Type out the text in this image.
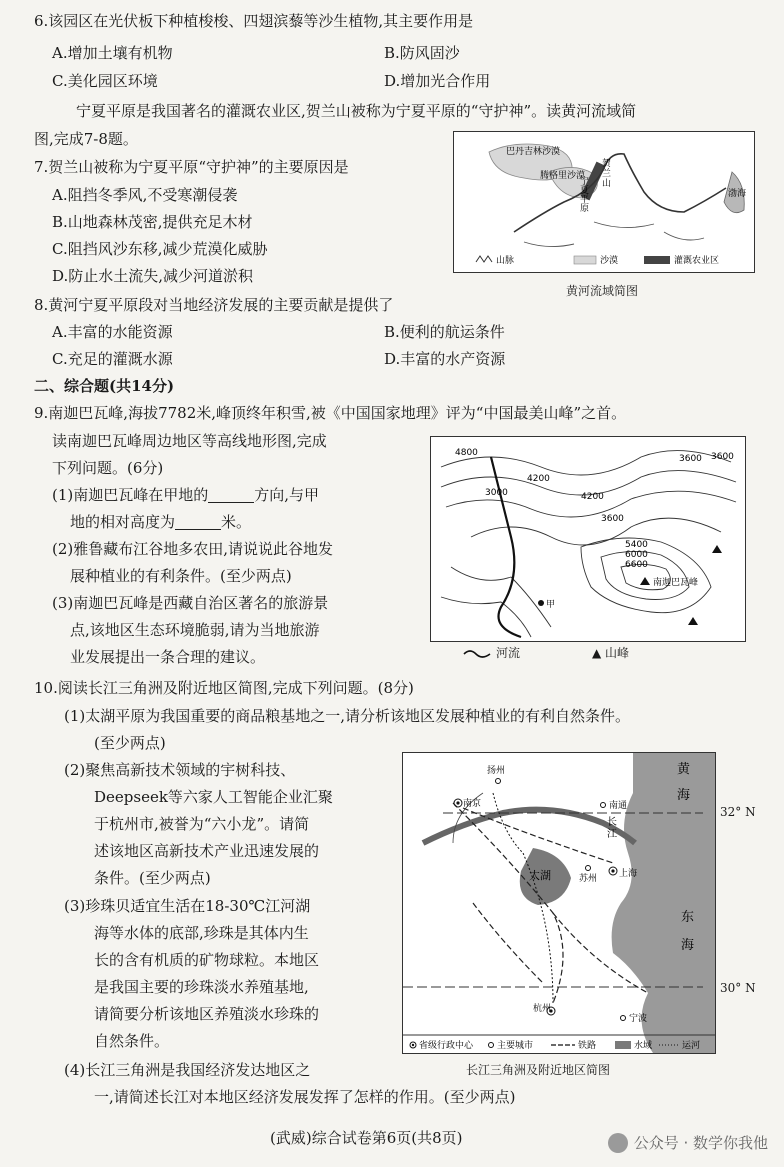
6.该园区在光伏板下种植梭梭、四翅滨藜等沙生植物,其主要作用是
A.增加土壤有机物	B.防风固沙
C.美化园区环境	D.增加光合作用
宁夏平原是我国著名的灌溉农业区,贺兰山被称为宁夏平原的“守护神”。读黄河流域简
图,完成7-8题。
7.贺兰山被称为宁夏平原“守护神”的主要原因是
A.阻挡冬季风,不受寒潮侵袭
B.山地森林茂密,提供充足木材
C.阻挡风沙东移,减少荒漠化威胁
D.防止水土流失,减少河道淤积
巴丹吉林沙漠
腾格里沙漠
贺
兰
山
宁
夏
平
原
渤海
山脉	沙漠	灌溉农业区
黄河流域简图
8.黄河宁夏平原段对当地经济发展的主要贡献是提供了
A.丰富的水能资源	B.便利的航运条件
C.充足的灌溉水源	D.丰富的水产资源
二、综合题(共14分)
9.南迦巴瓦峰,海拔7782米,峰顶终年积雪,被《中国国家地理》评为“中国最美山峰”之首。
读南迦巴瓦峰周边地区等高线地形图,完成
下列问题。(6分)
(1)南迦巴瓦峰在甲地的	方向,与甲
地的相对高度为	米。
(2)雅鲁藏布江谷地多农田,请说说此谷地发
展种植业的有利条件。(至少两点)
(3)南迦巴瓦峰是西藏自治区著名的旅游景
点,该地区生态环境脆弱,请为当地旅游
业发展提出一条合理的建议。
4800
3600 3600
4200
3000	4200
3600
5400
6000
6600
南迦巴瓦峰
甲
河流	▲ 山峰
10.阅读长江三角洲及附近地区简图,完成下列问题。(8分)
(1)太湖平原为我国重要的商品粮基地之一,请分析该地区发展种植业的有利自然条件。
(至少两点)
(2)聚焦高新技术领域的宇树科技、
Deepseek等六家人工智能企业汇聚
于杭州市,被誉为“六小龙”。请简
述该地区高新技术产业迅速发展的
条件。(至少两点)
(3)珍珠贝适宜生活在18-30℃江河湖
海等水体的底部,珍珠是其体内生
长的含有机质的矿物球粒。本地区
是我国主要的珍珠淡水养殖基地,
请简要分析该地区养殖淡水珍珠的
自然条件。
(4)长江三角洲是我国经济发达地区之
一,请简述长江对本地区经济发展发挥了怎样的作用。(至少两点)
扬州
南京	南通
苏州 上海
杭州
宁波
太湖
黄
海
东
海
长
江
省级行政中心	主要城市	铁路	水域	运河
32° N
30° N
长江三角洲及附近地区简图
(武威)综合试卷第6页(共8页)	公众号 · 数学你我他
